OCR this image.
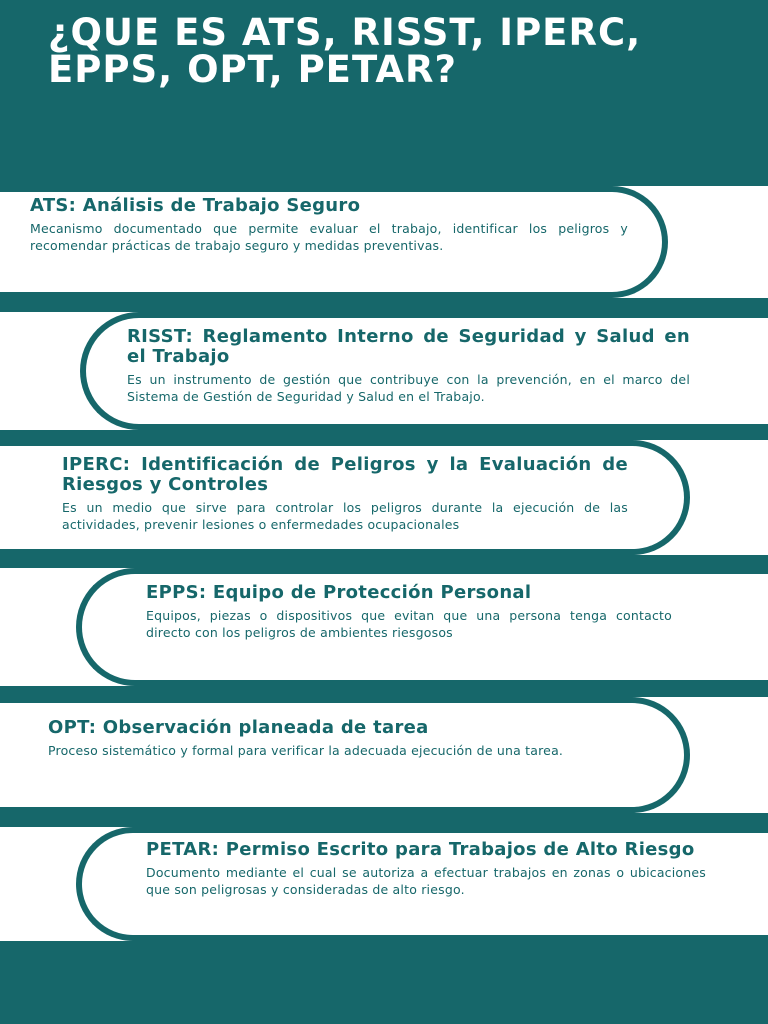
¿QUE ES ATS, RISST, IPERC, EPPS, OPT, PETAR?

ATS: Análisis de Trabajo Seguro

Mecanismo documentado que permite evaluar el trabajo, identificar los peligros y recomendar prácticas de trabajo seguro y medidas preventivas.

RISST: Reglamento Interno de Seguridad y Salud en el Trabajo

Es un instrumento de gestión que contribuye con la prevención, en el marco del Sistema de Gestión de Seguridad y Salud en el Trabajo.

IPERC: Identificación de Peligros y la Evaluación de Riesgos y Controles

Es un medio que sirve para controlar los peligros durante la ejecución de las actividades, prevenir lesiones o enfermedades ocupacionales

EPPS: Equipo de Protección Personal

Equipos, piezas o dispositivos que evitan que una persona tenga contacto directo con los peligros de ambientes riesgosos

OPT: Observación planeada de tarea

Proceso sistemático y formal para verificar la adecuada ejecución de una tarea.

PETAR: Permiso Escrito para Trabajos de Alto Riesgo

Documento mediante el cual se autoriza a efectuar trabajos en zonas o ubicaciones que son peligrosas y consideradas de alto riesgo.
